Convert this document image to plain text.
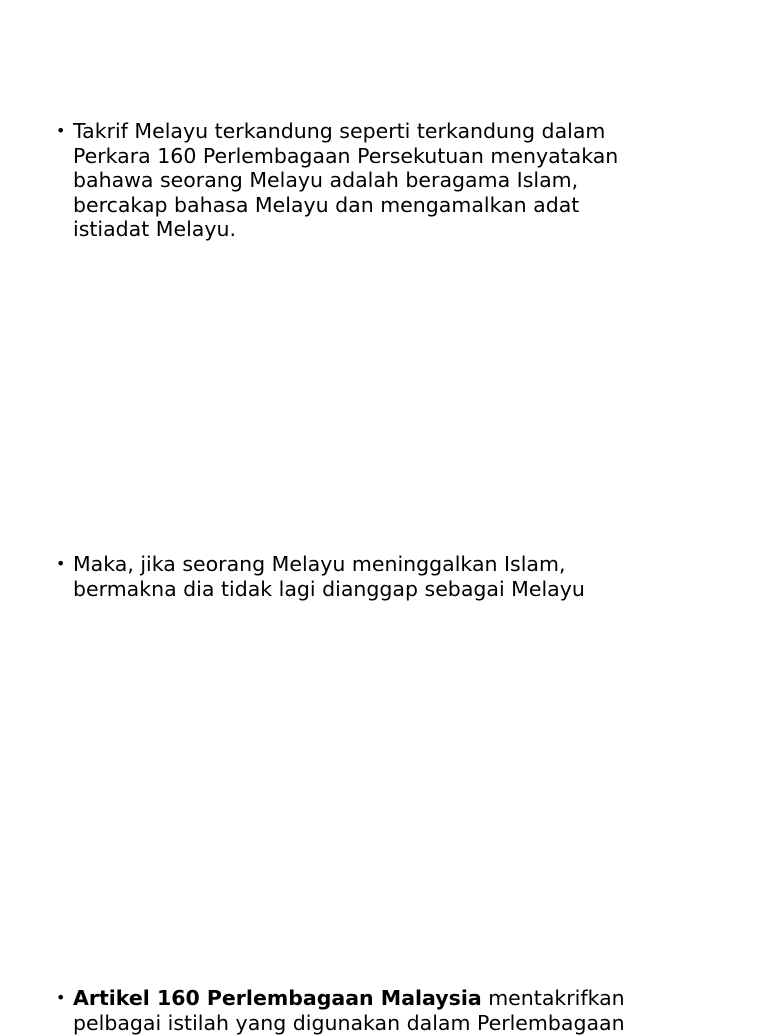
• Takrif Melayu terkandung seperti terkandung dalam
Perkara 160 Perlembagaan Persekutuan menyatakan
bahawa seorang Melayu adalah beragama Islam,
bercakap bahasa Melayu dan mengamalkan adat
istiadat Melayu.
• Maka, jika seorang Melayu meninggalkan Islam,
bermakna dia tidak lagi dianggap sebagai Melayu
• Artikel 160 Perlembagaan Malaysia mentakrifkan pelbagai istilah yang digunakan dalam Perlembagaan
